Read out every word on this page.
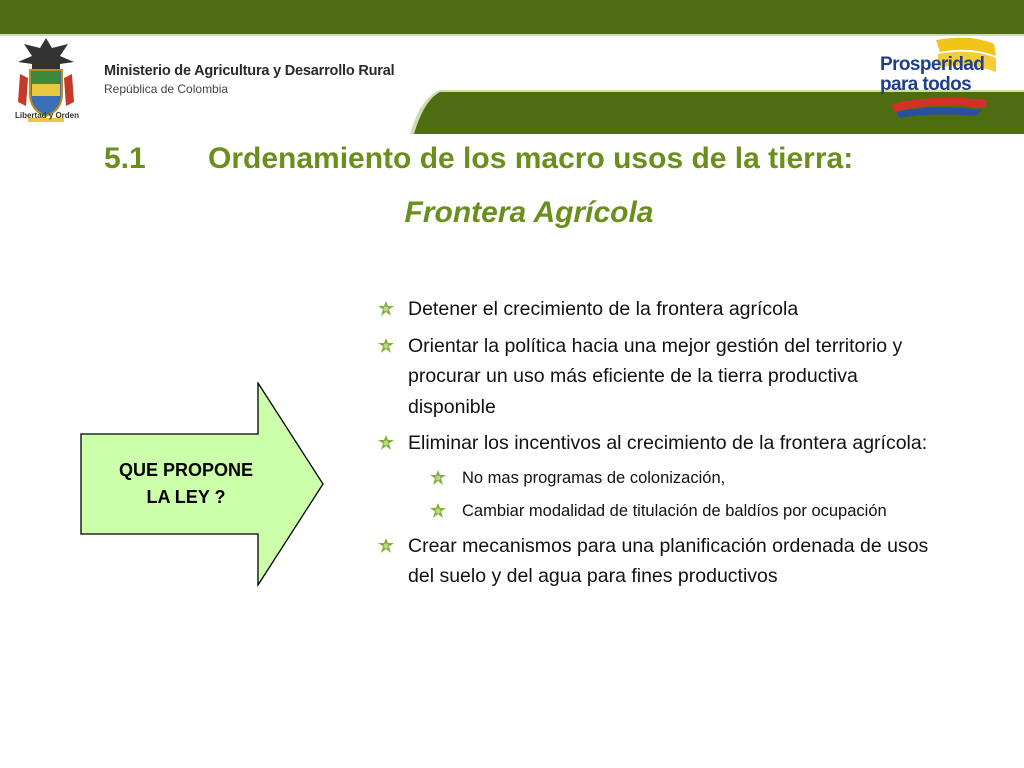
Libertad y Orden
Ministerio de Agricultura y Desarrollo Rural
República de Colombia
Prosperidad
para todos
5.1 Ordenamiento de los macro usos de la tierra:
Frontera Agrícola
QUE PROPONE
LA LEY ?
Detener el crecimiento de la frontera agrícola
Orientar la política hacia una mejor gestión del territorio y procurar un uso más eficiente de la tierra productiva disponible
Eliminar los incentivos al crecimiento de la frontera agrícola:
No mas programas de colonización,
Cambiar modalidad de titulación de baldíos por ocupación
Crear mecanismos para una planificación ordenada de usos del suelo y del agua para fines productivos
